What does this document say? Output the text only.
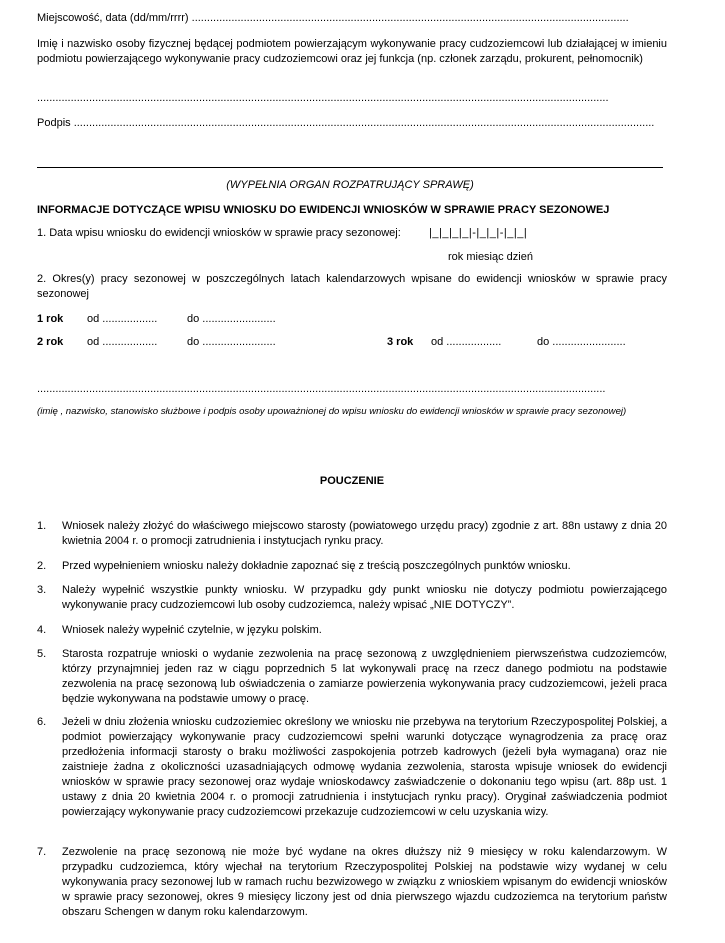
Miejscowość, data (dd/mm/rrrr) ...............................................................................................................................................
Imię i nazwisko osoby fizycznej będącej podmiotem powierzającym wykonywanie pracy cudzoziemcowi lub działającej w imieniu podmiotu powierzającego wykonywanie pracy cudzoziemcowi oraz jej funkcja (np. członek zarządu, prokurent, pełnomocnik)
...........................................................................................................................................................................................
Podpis ..............................................................................................................................................................................................
(WYPEŁNIA ORGAN ROZPATRUJĄCY SPRAWĘ)
INFORMACJE DOTYCZĄCE WPISU WNIOSKU DO EWIDENCJI WNIOSKÓW W SPRAWIE PRACY SEZONOWEJ
1. Data wpisu wniosku do ewidencji wniosków w sprawie pracy sezonowej:	|_|_|_|_|-|_|_|-|_|_|
rok miesiąc dzień
2. Okres(y) pracy sezonowej w poszczególnych latach kalendarzowych wpisane do ewidencji wniosków w sprawie pracy sezonowej
1 rok od ..................	do ........................
2 rok od ..................	do ........................	3 rok od ..................	do ........................
..........................................................................................................................................................................................
(imię , nazwisko, stanowisko służbowe i podpis osoby upoważnionej do wpisu wniosku do ewidencji wniosków w sprawie pracy sezonowej)
POUCZENIE
1.	Wniosek należy złożyć do właściwego miejscowo starosty (powiatowego urzędu pracy) zgodnie z art. 88n ustawy z dnia 20 kwietnia 2004 r. o promocji zatrudnienia i instytucjach rynku pracy.
2.	Przed wypełnieniem wniosku należy dokładnie zapoznać się z treścią poszczególnych punktów wniosku.
3.	Należy wypełnić wszystkie punkty wniosku. W przypadku gdy punkt wniosku nie dotyczy podmiotu powierzającego wykonywanie pracy cudzoziemcowi lub osoby cudzoziemca, należy wpisać „NIE DOTYCZY”.
4.	Wniosek należy wypełnić czytelnie, w języku polskim.
5.	Starosta rozpatruje wnioski o wydanie zezwolenia na pracę sezonową z uwzględnieniem pierwszeństwa cudzoziemców, którzy przynajmniej jeden raz w ciągu poprzednich 5 lat wykonywali pracę na rzecz danego podmiotu na podstawie zezwolenia na pracę sezonową lub oświadczenia o zamiarze powierzenia wykonywania pracy cudzoziemcowi, jeżeli praca będzie wykonywana na podstawie umowy o pracę.
6.	Jeżeli w dniu złożenia wniosku cudzoziemiec określony we wniosku nie przebywa na terytorium Rzeczypospolitej Polskiej, a podmiot powierzający wykonywanie pracy cudzoziemcowi spełni warunki dotyczące wynagrodzenia za pracę oraz przedłożenia informacji starosty o braku możliwości zaspokojenia potrzeb kadrowych (jeżeli była wymagana) oraz nie zaistnieje żadna z okoliczności uzasadniających odmowę wydania zezwolenia, starosta wpisuje wniosek do ewidencji wniosków w sprawie pracy sezonowej oraz wydaje wnioskodawcy zaświadczenie o dokonaniu tego wpisu (art. 88p ust. 1 ustawy z dnia 20 kwietnia 2004 r. o promocji zatrudnienia i instytucjach rynku pracy). Oryginał zaświadczenia podmiot powierzający wykonywanie pracy cudzoziemcowi przekazuje cudzoziemcowi w celu uzyskania wizy.
7.	Zezwolenie na pracę sezonową nie może być wydane na okres dłuższy niż 9 miesięcy w roku kalendarzowym. W przypadku cudzoziemca, który wjechał na terytorium Rzeczypospolitej Polskiej na podstawie wizy wydanej w celu wykonywania pracy sezonowej lub w ramach ruchu bezwizowego w związku z wnioskiem wpisanym do ewidencji wniosków w sprawie pracy sezonowej, okres 9 miesięcy liczony jest od dnia pierwszego wjazdu cudzoziemca na terytorium państw obszaru Schengen w danym roku kalendarzowym.
